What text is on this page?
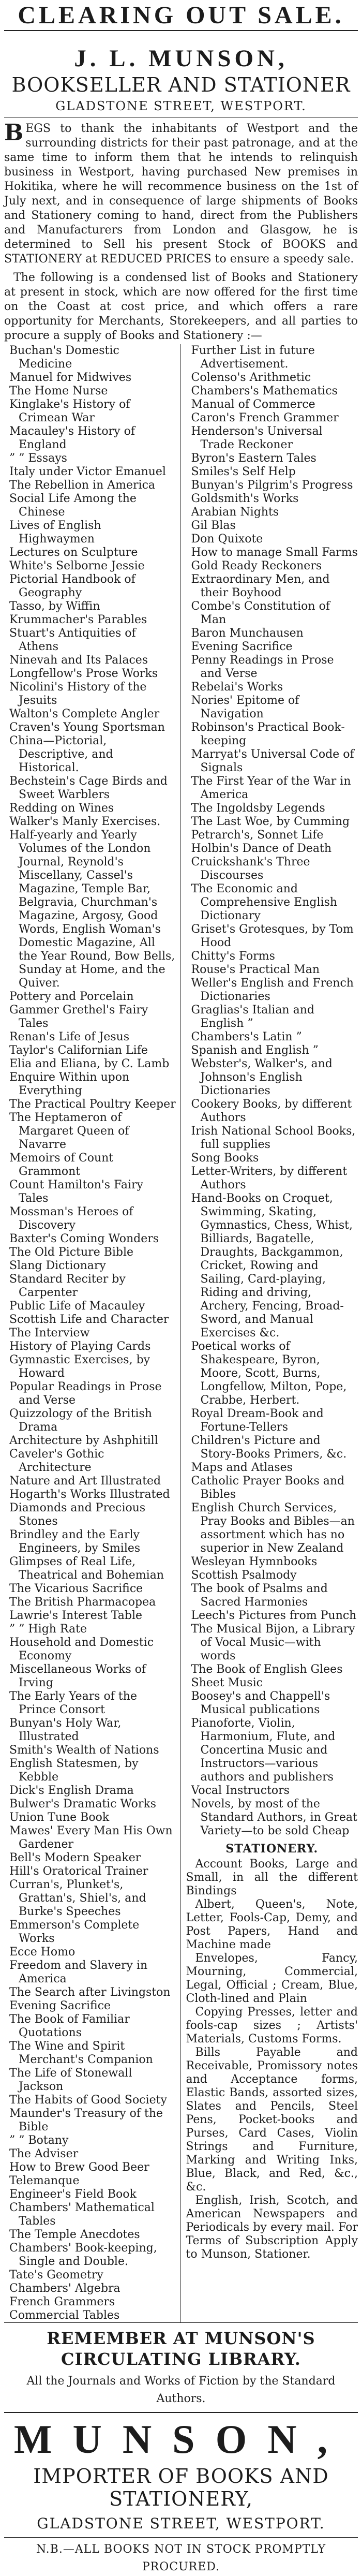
CLEARING OUT SALE.
J. L. MUNSON,
BOOKSELLER AND STATIONER
GLADSTONE STREET, WESTPORT.
BEGS to thank the inhabitants of Westport and the surrounding districts for their past patronage, and at the same time to inform them that he intends to relinquish business in Westport, having purchased New premises in Hokitika, where he will recommence business on the 1st of July next, and in consequence of large shipments of Books and Stationery coming to hand, direct from the Publishers and Manufacturers from London and Glasgow, he is determined to Sell his present Stock of BOOKS and STATIONERY at REDUCED PRICES to ensure a speedy sale.
The following is a condensed list of Books and Stationery at present in stock, which are now offered for the first time on the Coast at cost price, and which offers a rare opportunity for Merchants, Storekeepers, and all parties to procure a supply of Books and Stationery :—
Buchan's Domestic Medicine
Manuel for Midwives
The Home Nurse
Kinglake's History of Crimean War
Macauley's History of England
” ” Essays
Italy under Victor Emanuel
The Rebellion in America
Social Life Among the Chinese
Lives of English Highwaymen
Lectures on Sculpture
White's Selborne Jessie
Pictorial Handbook of Geography
Tasso, by Wiffin
Krummacher's Parables
Stuart's Antiquities of Athens
Ninevah and Its Palaces
Longfellow's Prose Works
Nicolini's History of the Jesuits
Walton's Complete Angler
Craven's Young Sportsman
China—Pictorial, Descriptive, and Historical.
Bechstein's Cage Birds and Sweet Warblers
Redding on Wines
Walker's Manly Exercises.
Half-yearly and Yearly Volumes of the London Journal, Reynold's Miscellany, Cassel's Magazine, Temple Bar, Belgravia, Churchman's Magazine, Argosy, Good Words, English Woman's Domestic Magazine, All the Year Round, Bow Bells, Sunday at Home, and the Quiver.
Pottery and Porcelain
Gammer Grethel's Fairy Tales
Renan's Life of Jesus
Taylor's Californian Life
Elia and Eliana, by C. Lamb
Enquire Within upon Everything
The Practical Poultry Keeper
The Heptameron of Margaret Queen of Navarre
Memoirs of Count Grammont
Count Hamilton's Fairy Tales
Mossman's Heroes of Discovery
Baxter's Coming Wonders
The Old Picture Bible
Slang Dictionary
Standard Reciter by Carpenter
Public Life of Macauley
Scottish Life and Character
The Interview
History of Playing Cards
Gymnastic Exercises, by Howard
Popular Readings in Prose and Verse
Quizzology of the British Drama
Architecture by Ashphitill
Caveler's Gothic Architecture
Nature and Art Illustrated
Hogarth's Works Illustrated
Diamonds and Precious Stones
Brindley and the Early Engineers, by Smiles
Glimpses of Real Life, Theatrical and Bohemian
The Vicarious Sacrifice
The British Pharmacopea
Lawrie's Interest Table
” ” High Rate
Household and Domestic Economy
Miscellaneous Works of Irving
The Early Years of the Prince Consort
Bunyan's Holy War, Illustrated
Smith's Wealth of Nations
English Statesmen, by Kebble
Dick's English Drama
Bulwer's Dramatic Works
Union Tune Book
Mawes' Every Man His Own Gardener
Bell's Modern Speaker
Hill's Oratorical Trainer
Curran's, Plunket's, Grattan's, Shiel's, and Burke's Speeches
Emmerson's Complete Works
Ecce Homo
Freedom and Slavery in America
The Search after Livingston
Evening Sacrifice
The Book of Familiar Quotations
The Wine and Spirit Merchant's Companion
The Life of Stonewall Jackson
The Habits of Good Society
Maunder's Treasury of the Bible
” ” Botany
The Adviser
How to Brew Good Beer
Telemanque
Engineer's Field Book
Chambers' Mathematical Tables
The Temple Anecdotes
Chambers' Book-keeping, Single and Double.
Tate's Geometry
Chambers' Algebra
French Grammers
Commercial Tables
Further List in future Advertisement.
Colenso's Arithmetic
Chambers's Mathematics
Manual of Commerce
Caron's French Grammer
Henderson's Universal Trade Reckoner
Byron's Eastern Tales
Smiles's Self Help
Bunyan's Pilgrim's Progress
Goldsmith's Works
Arabian Nights
Gil Blas
Don Quixote
How to manage Small Farms
Gold Ready Reckoners
Extraordinary Men, and their Boyhood
Combe's Constitution of Man
Baron Munchausen
Evening Sacrifice
Penny Readings in Prose and Verse
Rebelai's Works
Nories' Epitome of Navigation
Robinson's Practical Book-keeping
Marryat's Universal Code of Signals
The First Year of the War in America
The Ingoldsby Legends
The Last Woe, by Cumming
Petrarch's, Sonnet Life
Holbin's Dance of Death
Cruickshank's Three Discourses
The Economic and Comprehensive English Dictionary
Griset's Grotesques, by Tom Hood
Chitty's Forms
Rouse's Practical Man
Weller's English and French Dictionaries
Graglias's Italian and English ”
Chambers's Latin ”
Spanish and English ”
Webster's, Walker's, and Johnson's English Dictionaries
Cookery Books, by different Authors
Irish National School Books, full supplies
Song Books
Letter-Writers, by different Authors
Hand-Books on Croquet, Swimming, Skating, Gymnastics, Chess, Whist, Billiards, Bagatelle, Draughts, Backgammon, Cricket, Rowing and Sailing, Card-playing, Riding and driving, Archery, Fencing, Broad-Sword, and Manual Exercises &c.
Poetical works of Shakespeare, Byron, Moore, Scott, Burns, Longfellow, Milton, Pope, Crabbe, Herbert.
Royal Dream-Book and Fortune-Tellers
Children's Picture and Story-Books Primers, &c.
Maps and Atlases
Catholic Prayer Books and Bibles
English Church Services, Pray Books and Bibles—an assortment which has no superior in New Zealand
Wesleyan Hymnbooks
Scottish Psalmody
The book of Psalms and Sacred Harmonies
Leech's Pictures from Punch
The Musical Bijon, a Library of Vocal Music—with words
The Book of English Glees
Sheet Music
Boosey's and Chappell's Musical publications
Pianoforte, Violin, Harmonium, Flute, and Concertina Music and Instructors—various authors and publishers
Vocal Instructors
Novels, by most of the Standard Authors, in Great Variety—to be sold Cheap
STATIONERY.
Account Books, Large and Small, in all the different Bindings
Albert, Queen's, Note, Letter, Fools-Cap, Demy, and Post Papers, Hand and Machine made
Envelopes, Fancy, Mourning, Commercial, Legal, Official ; Cream, Blue, Cloth-lined and Plain
Copying Presses, letter and fools-cap sizes ; Artists' Materials, Customs Forms.
Bills Payable and Receivable, Promissory notes and Acceptance forms, Elastic Bands, assorted sizes, Slates and Pencils, Steel Pens, Pocket-books and Purses, Card Cases, Violin Strings and Furniture, Marking and Writing Inks, Blue, Black, and Red, &c., &c.
English, Irish, Scotch, and American Newspapers and Periodicals by every mail. For Terms of Subscription Apply to Munson, Stationer.
REMEMBER AT MUNSON'S CIRCULATING LIBRARY.
All the Journals and Works of Fiction by the Standard Authors.
MUNSON,
IMPORTER OF BOOKS AND STATIONERY,
GLADSTONE STREET, WESTPORT.
N.B.—ALL BOOKS NOT IN STOCK PROMPTLY PROCURED.
